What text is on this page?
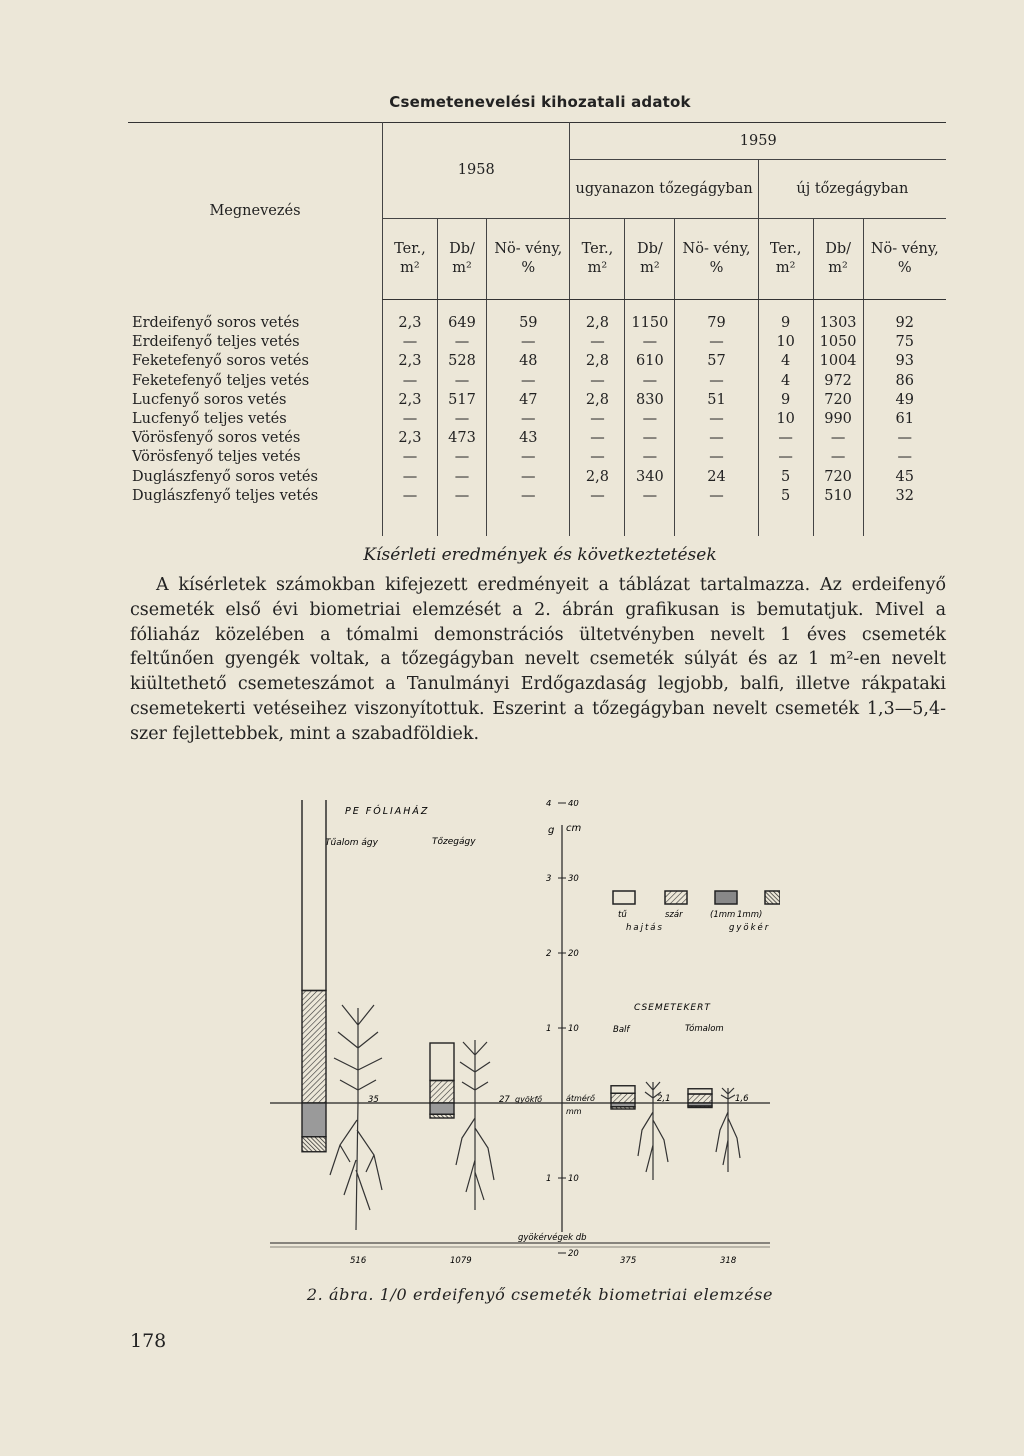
Csemetenevelési kihozatali adatok
Megnevezés	1958			1959					
				ugyanazon tőzegágyban			új tőzegágyban		
	Ter., m²	Db/ m²	Nö- vény, %	Ter., m²	Db/ m²	Nö- vény, %	Ter., m²	Db/ m²	Nö- vény, %
Erdeifenyő soros vetés	2,3	649	59	2,8	1150	79	9	1303	92
Erdeifenyő teljes vetés	—	—	—	—	—	—	10	1050	75
Feketefenyő soros vetés	2,3	528	48	2,8	610	57	4	1004	93
Feketefenyő teljes vetés	—	—	—	—	—	—	4	972	86
Lucfenyő soros vetés	2,3	517	47	2,8	830	51	9	720	49
Lucfenyő teljes vetés	—	—	—	—	—	—	10	990	61
Vörösfenyő soros vetés	2,3	473	43	—	—	—	—	—	—
Vörösfenyő teljes vetés	—	—	—	—	—	—	—	—	—
Duglászfenyő soros vetés	—	—	—	2,8	340	24	5	720	45
Duglászfenyő teljes vetés	—	—	—	—	—	—	5	510	32
Kísérleti eredmények és következtetések

A kísérletek számokban kifejezett eredményeit a táblázat tartalmazza. Az erdeifenyő csemeték első évi biometriai elemzését a 2. ábrán grafikusan is bemutatjuk. Mivel a fóliaház közelében a tómalmi demonstrációs ültetvényben nevelt 1 éves csemeték feltűnően gyengék voltak, a tőzegágyban nevelt csemeték súlyát és az 1 m²-en nevelt kiültethető csemeteszámot a Tanulmányi Erdőgazdaság legjobb, balfi, illetve rákpataki csemetekerti vetéseihez viszonyítottuk. Eszerint a tőzegágyban nevelt csemeték 1,3—5,4-szer fejlettebbek, mint a szabadföldiek.

PE FÓLIAHÁZ
Tűalom ágy	Tőzegágy
g cm
4 40
3 30
2 20
1 10
1 10
20
tű	szár	(1mm 1mm)
hajtás	gyökér
CSEMETEKERT
Balf	Tómalom
35	27	2,1	1,6
gyökfő	átmérő
mm
gyökérvégek db
516	1079	375	318
2. ábra. 1/0 erdeifenyő csemeték biometriai elemzése
178
